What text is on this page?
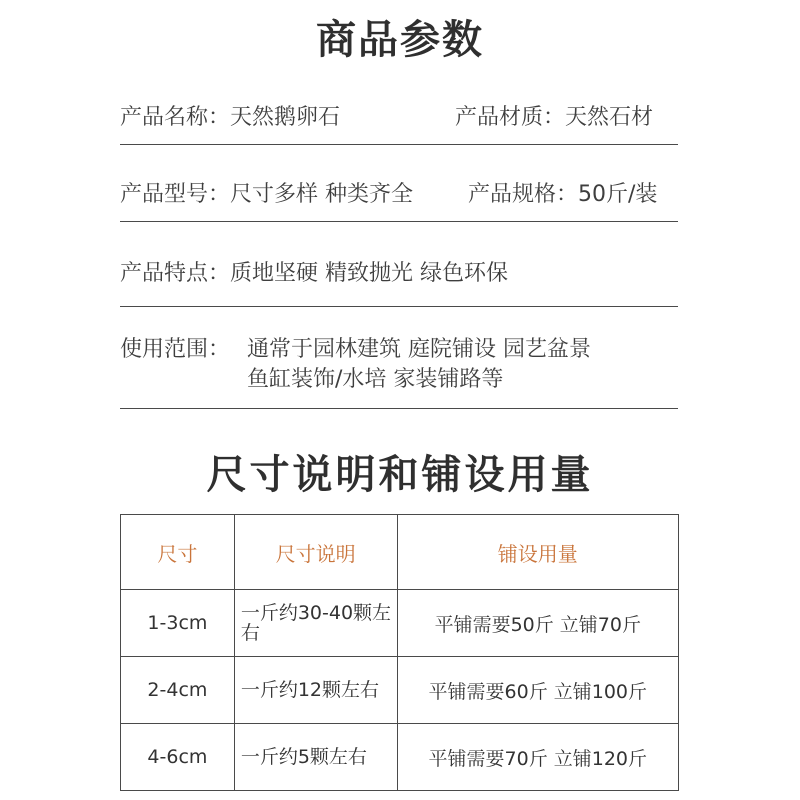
商品参数
产品名称：天然鹅卵石	产品材质：天然石材
产品型号：尺寸多样 种类齐全 产品规格：50斤/装
产品特点：质地坚硬 精致抛光 绿色环保
使用范围： 通常于园林建筑 庭院铺设 园艺盆景
鱼缸装饰/水培 家装铺路等
尺寸说明和铺设用量
尺寸	尺寸说明	铺设用量
1-3cm	一斤约30-40颗左右	平铺需要50斤 立铺70斤
2-4cm	一斤约12颗左右	平铺需要60斤 立铺100斤
4-6cm	一斤约5颗左右	平铺需要70斤 立铺120斤
